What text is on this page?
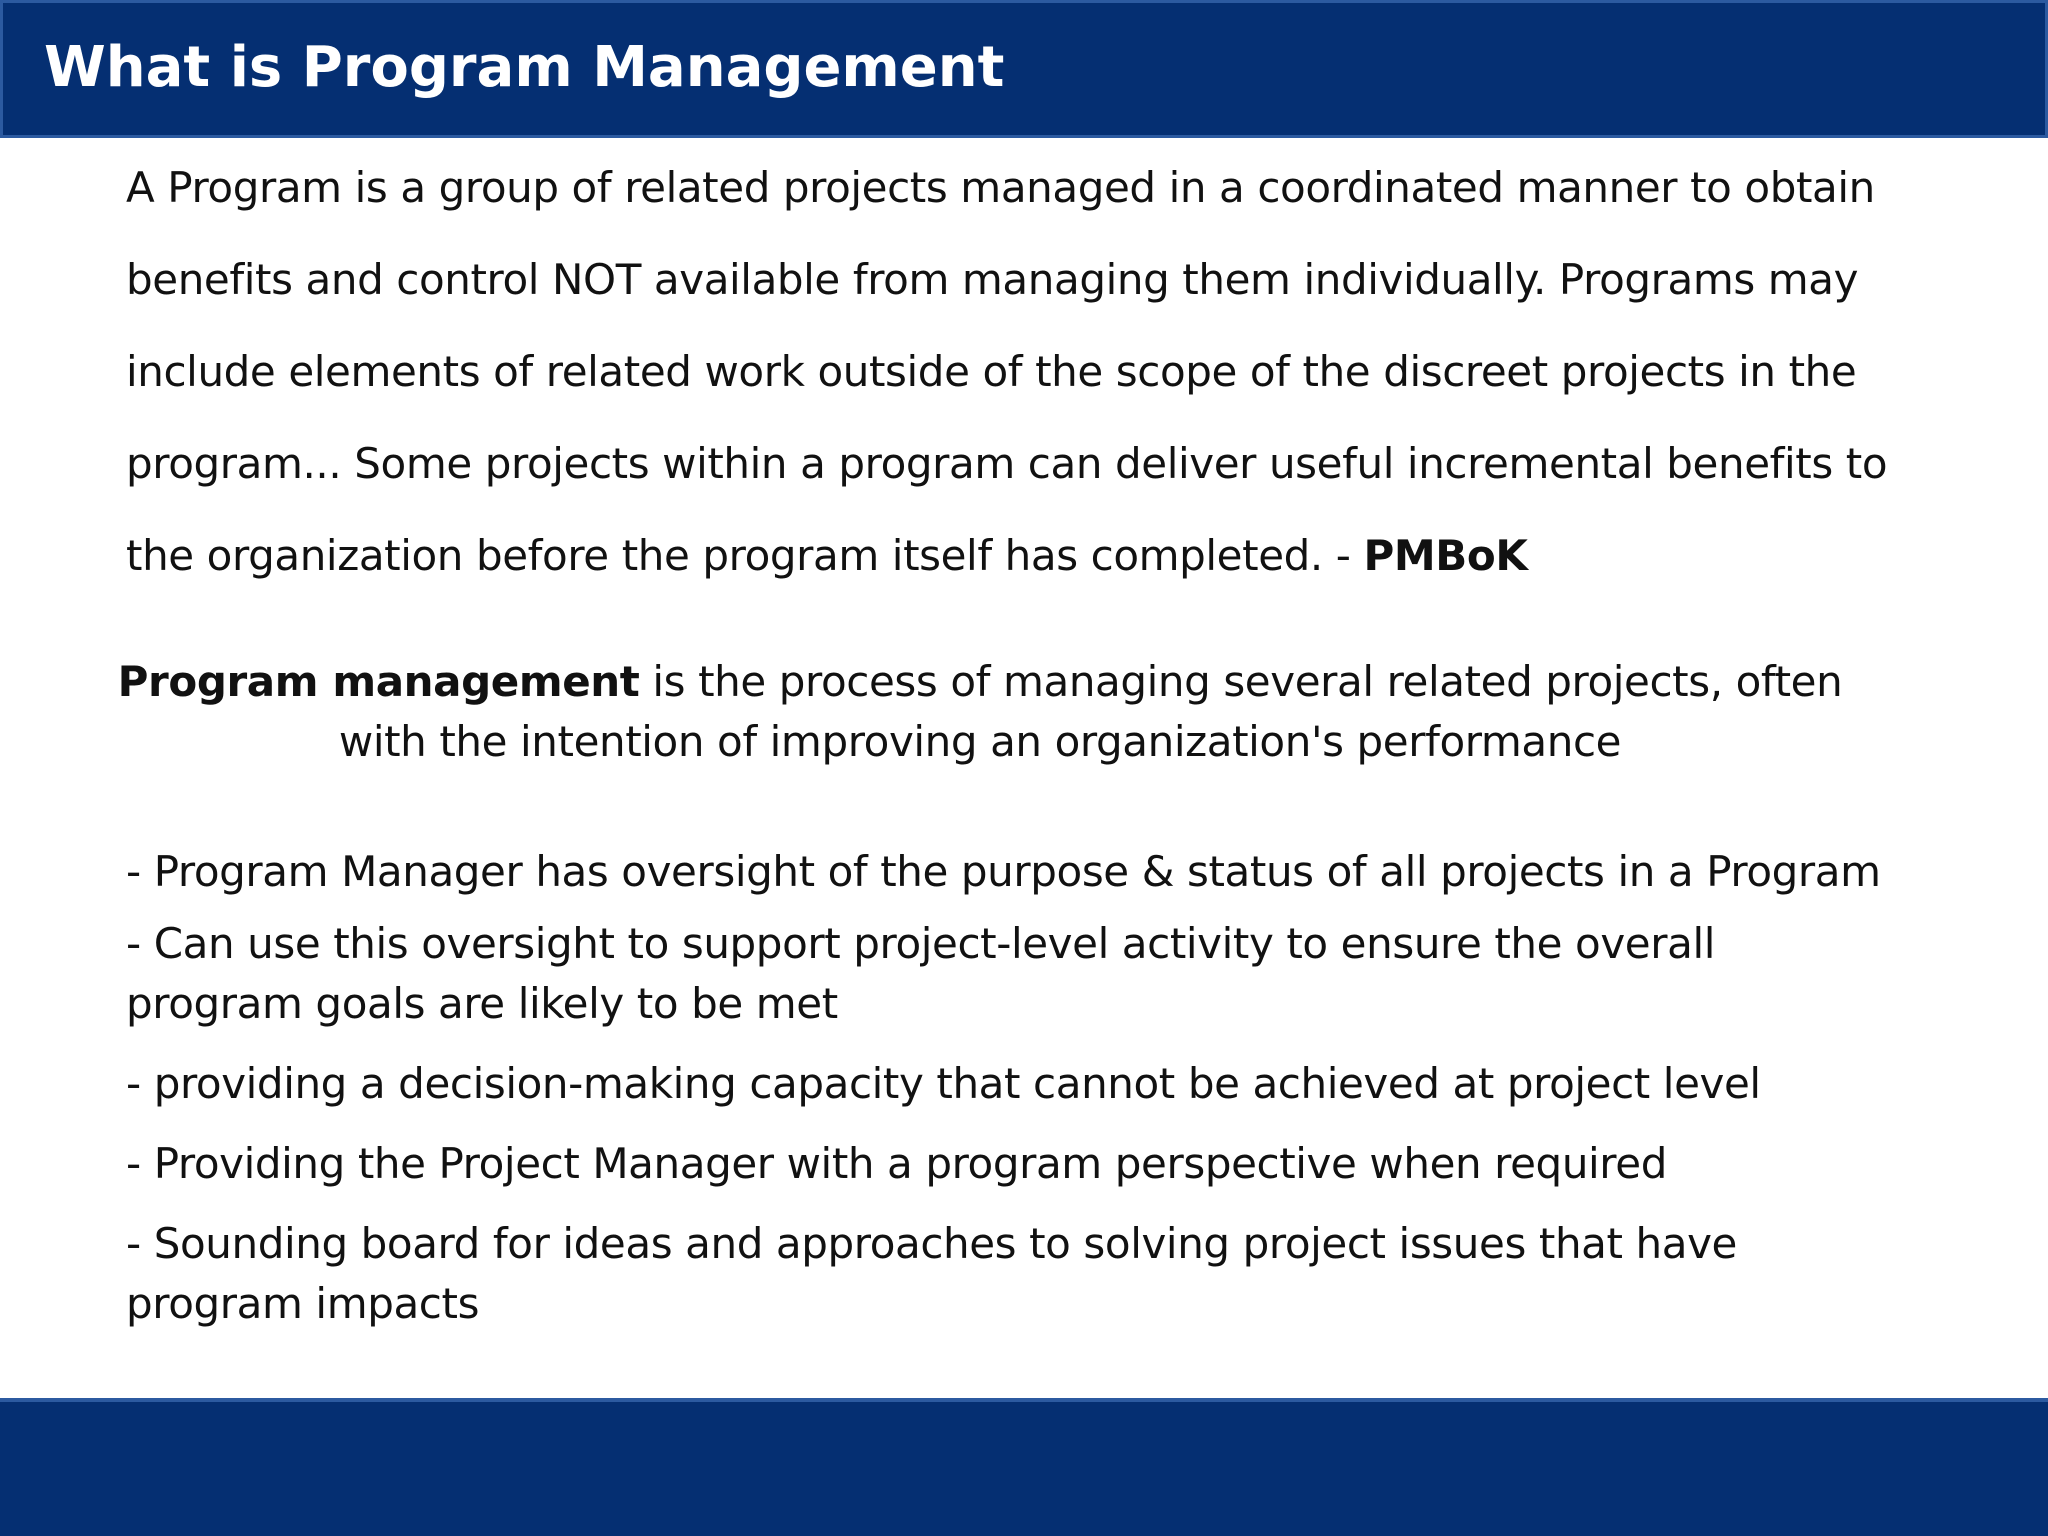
What is Program Management
A Program is a group of related projects managed in a coordinated manner to obtain
benefits and control NOT available from managing them individually. Programs may
include elements of related work outside of the scope of the discreet projects in the
program... Some projects within a program can deliver useful incremental benefits to
the organization before the program itself has completed. - PMBoK
Program management is the process of managing several related projects, often
with the intention of improving an organization's performance
- Program Manager has oversight of the purpose & status of all projects in a Program
- Can use this oversight to support project-level activity to ensure the overall
program goals are likely to be met
- providing a decision-making capacity that cannot be achieved at project level
- Providing the Project Manager with a program perspective when required
- Sounding board for ideas and approaches to solving project issues that have
program impacts
